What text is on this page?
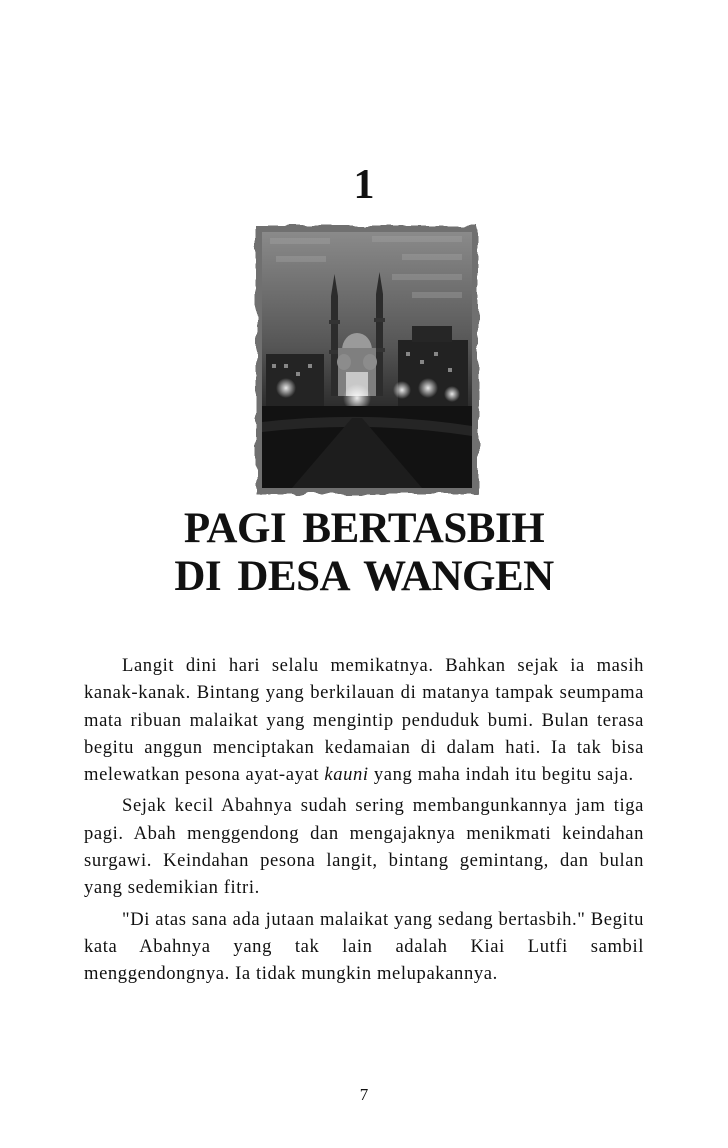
1
PAGI BERTASBIH
DI DESA WANGEN

Langit dini hari selalu memikatnya. Bahkan sejak ia masih kanak-kanak. Bintang yang berkilauan di matanya tampak seumpama mata ribuan malaikat yang mengintip penduduk bumi. Bulan terasa begitu anggun menciptakan kedamaian di dalam hati. Ia tak bisa melewatkan pesona ayat-ayat kauni yang maha indah itu begitu saja.

Sejak kecil Abahnya sudah sering membangunkannya jam tiga pagi. Abah menggendong dan mengajaknya menikmati keindahan surgawi. Keindahan pesona langit, bintang gemintang, dan bulan yang sedemikian fitri.

"Di atas sana ada jutaan malaikat yang sedang bertasbih." Begitu kata Abahnya yang tak lain adalah Kiai Lutfi sambil menggendongnya. Ia tidak mungkin melupakannya.

7
